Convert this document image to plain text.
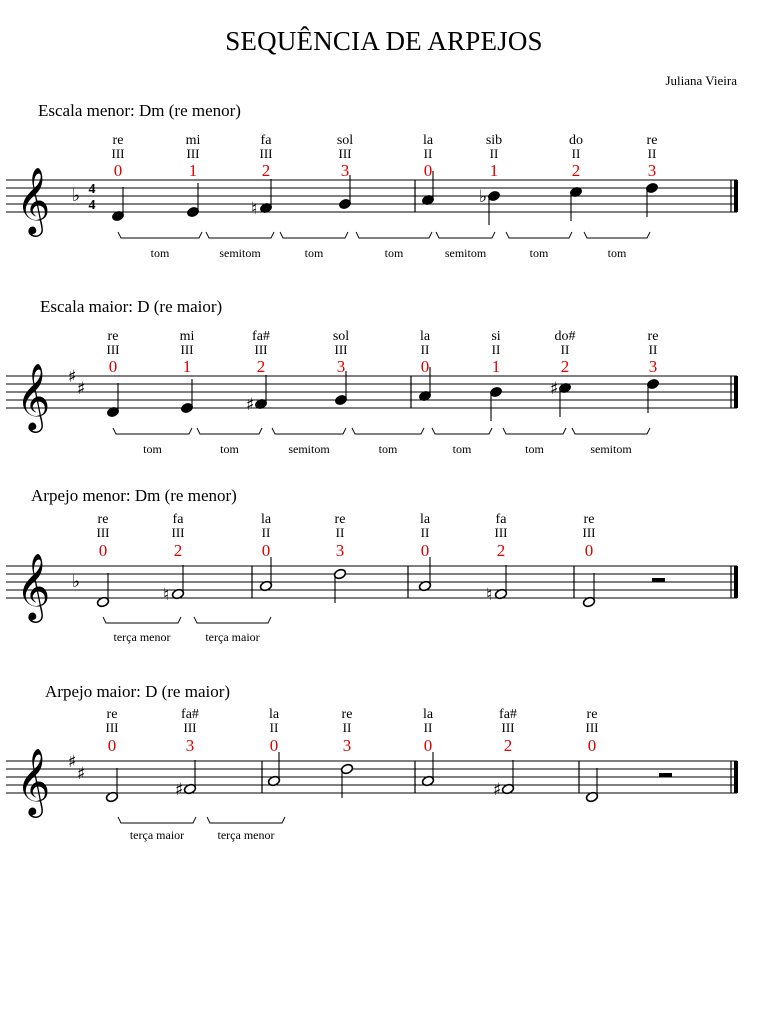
SEQUÊNCIA DE ARPEJOS
Juliana Vieira
Escala menor: Dm (re menor)
Escala maior: D (re maior)
Arpejo menor: Dm (re menor)
Arpejo maior: D (re maior)
𝄞 ♭ 4
4
re
III
0
mi
III
1
fa
III
2
♮
sol
III
3
la
II
0
sib
II
1
♭
do
II
2
re
II
3
tom	semitom	tom	tom	semitom	tom	tom
𝄞 ♯
♯
re
III
0
mi
III
1
fa#
III
2
♯
sol
III
3
la
II
0
si
II
1
do#
II
2
♯
re
II
3
tom	tom	semitom	tom	tom	tom	semitom
𝄞 ♭
re
III
0
fa
III
2
♮
la
II
0
re
II
3
la
II
0
fa
III
2
♮
re
III
0
terça menor	terça maior
𝄞 ♯
♯
re
III
0
fa#
III
3
♯
la
II
0
re
II
3
la
II
0
fa#
III
2
♯
re
III
0
terça maior	terça menor
